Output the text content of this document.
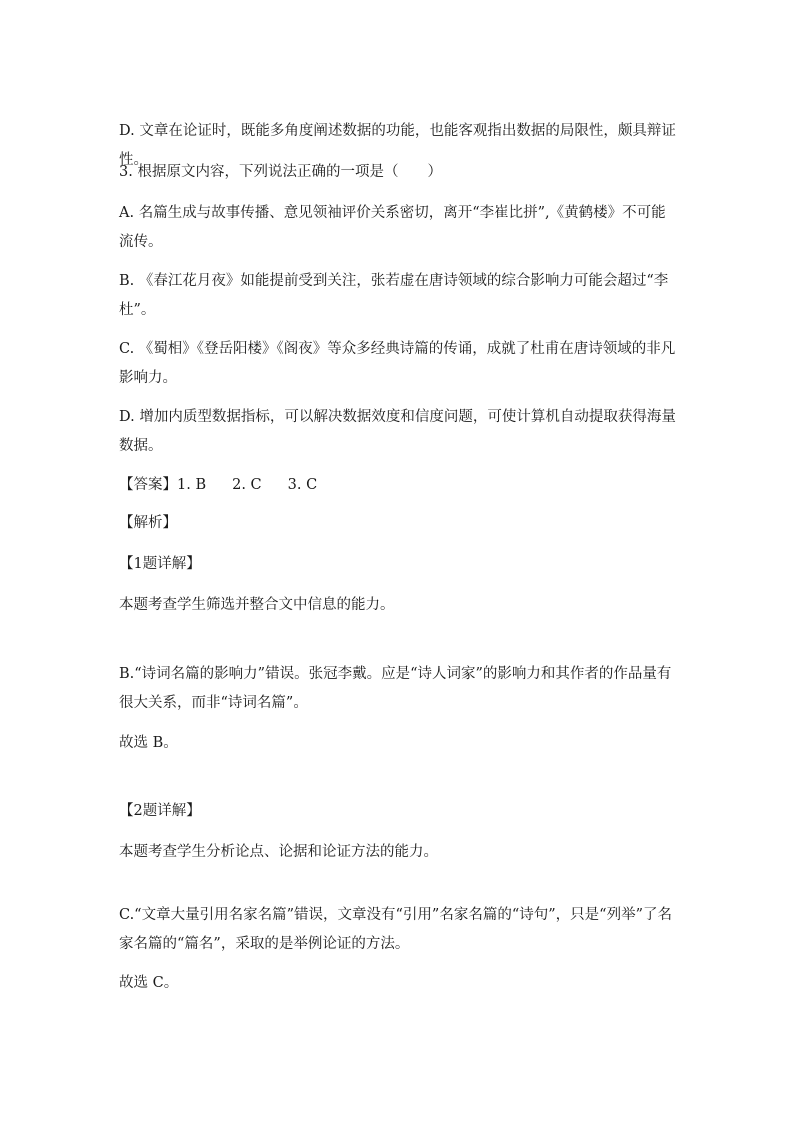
D. 文章在论证时，既能多角度阐述数据的功能，也能客观指出数据的局限性，颇具辩证性。

3. 根据原文内容，下列说法正确的一项是（　　）

A. 名篇生成与故事传播、意见领袖评价关系密切，离开“李崔比拼”,《黄鹤楼》不可能流传。

B. 《春江花月夜》如能提前受到关注，张若虚在唐诗领域的综合影响力可能会超过“李杜”。

C. 《蜀相》《登岳阳楼》《阁夜》等众多经典诗篇的传诵，成就了杜甫在唐诗领域的非凡影响力。

D. 增加内质型数据指标，可以解决数据效度和信度问题，可使计算机自动提取获得海量数据。

【答案】1. B 2. C 3. C

【解析】

【1题详解】

本题考查学生筛选并整合文中信息的能力。

B.“诗词名篇的影响力”错误。张冠李戴。应是“诗人词家”的影响力和其作者的作品量有很大关系，而非“诗词名篇”。

故选 B。

【2题详解】

本题考查学生分析论点、论据和论证方法的能力。

C.“文章大量引用名家名篇”错误，文章没有“引用”名家名篇的“诗句”，只是“列举”了名家名篇的“篇名”，采取的是举例论证的方法。

故选 C。
